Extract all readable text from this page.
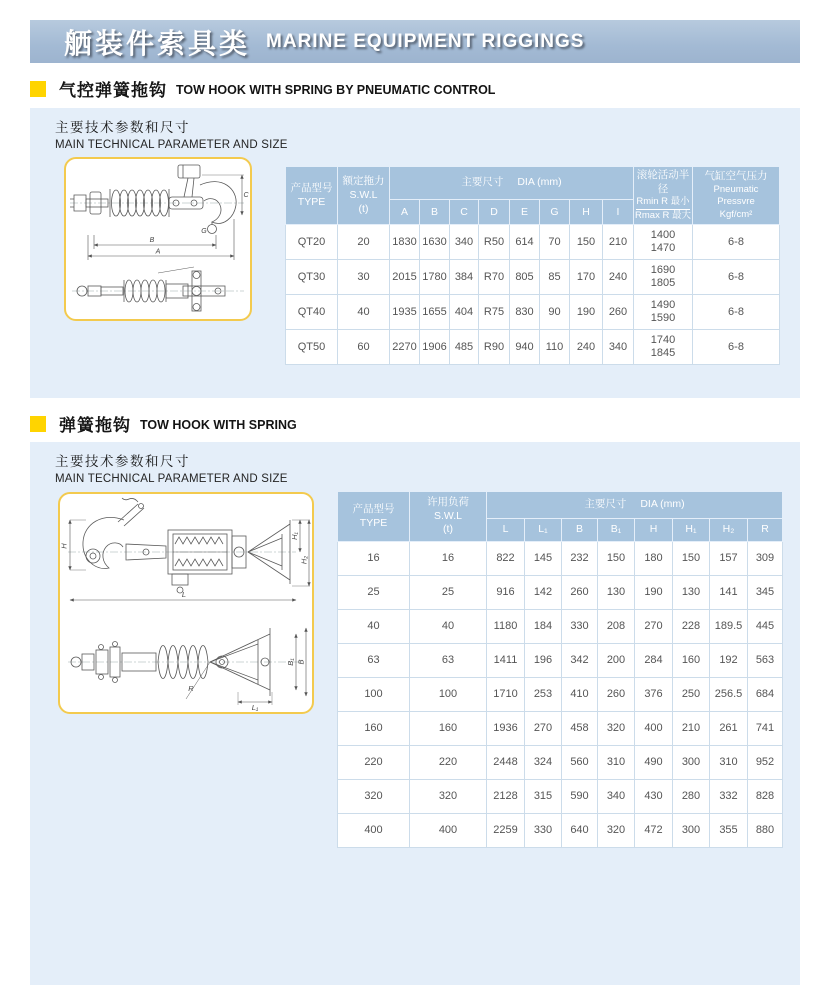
舾装件索具类 MARINE EQUIPMENT RIGGINGS
气控弹簧拖钩 TOW HOOK WITH SPRING BY PNEUMATIC CONTROL
主要技术参数和尺寸
MAIN TECHNICAL PARAMETER AND SIZE
B
A
C
G
产品型号
TYPE

额定拖力
S.W.L
(t)
	主要尺寸 DIA (mm)	
滚轮活动半径
Rmin R 最小
Rmax R 最大

气缸空气压力
Pneumatic Pressvre
Kgf/cm²

		A	B	C	D	E	G	H	I		
QT20	20	1830	1630	340	R50	614	70	150	210	1400
1470	6-8
QT30	30	2015	1780	384	R70	805	85	170	240	1690
1805	6-8
QT40	40	1935	1655	404	R75	830	90	190	260	1490
1590	6-8
QT50	60	2270	1906	485	R90	940	110	240	340	1740
1845	6-8
弹簧拖钩 TOW HOOK WITH SPRING
主要技术参数和尺寸
MAIN TECHNICAL PARAMETER AND SIZE
H
H₁
H₂
L
B₁ B
L₁
R
产品型号
TYPE

许用负荷
S.W.L
(t)
	主要尺寸 DIA (mm)
		L	L₁	B	B₁	H	H₁	H₂	R
16	16	822	145	232	150	180	150	157	309
25	25	916	142	260	130	190	130	141	345
40	40	1180	184	330	208	270	228	189.5	445
63	63	1411	196	342	200	284	160	192	563
100	100	1710	253	410	260	376	250	256.5	684
160	160	1936	270	458	320	400	210	261	741
220	220	2448	324	560	310	490	300	310	952
320	320	2128	315	590	340	430	280	332	828
400	400	2259	330	640	320	472	300	355	880
